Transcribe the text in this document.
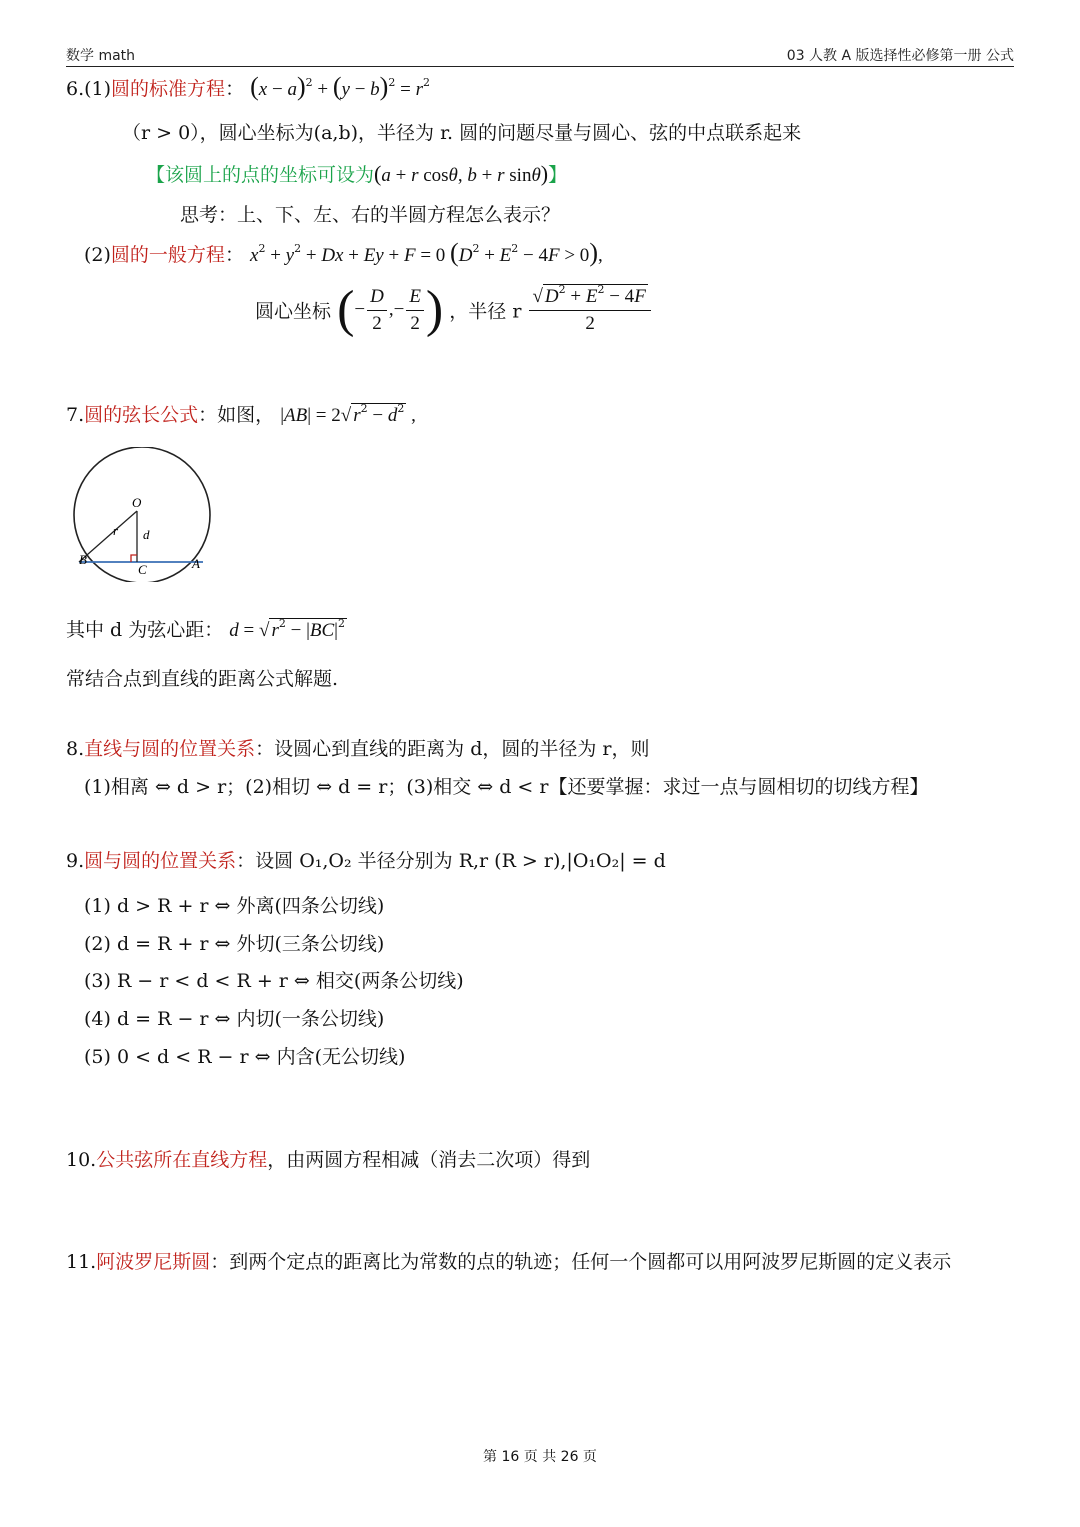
数学 math	03 人教 A 版选择性必修第一册 公式
6.(1)圆的标准方程： $(x - a)^2 + (y - b)^2 = r^2$
（r > 0），圆心坐标为(a,b)，半径为 r. 圆的问题尽量与圆心、弦的中点联系起来
【该圆上的点的坐标可设为(a + r cosθ, b + r sinθ)】
思考：上、下、左、右的半圆方程怎么表示？
(2)圆的一般方程： $x^2 + y^2 + Dx + Ey + F = 0$ $(D^2 + E^2 - 4F > 0)$,
圆心坐标 (− $\frac{D}{2}$ ,− $\frac{E}{2}$ ) ，半径 r $\frac{√ D^2 + E^2 - 4F}{2}$
7.圆的弦长公式：如图， |AB| = 2√ $r^2 - d^2$ ,
O
r d
B
C	A
其中 d 为弦心距： d = √ $r^2 - |BC|^2$
常结合点到直线的距离公式解题.
8.直线与圆的位置关系：设圆心到直线的距离为 d，圆的半径为 r，则
(1)相离 ⇔ d > r；(2)相切 ⇔ d = r；(3)相交 ⇔ d < r【还要掌握：求过一点与圆相切的切线方程】
9.圆与圆的位置关系：设圆 O₁,O₂ 半径分别为 R,r (R > r),|O₁O₂| = d
(1) d > R + r ⇔ 外离(四条公切线)
(2) d = R + r ⇔ 外切(三条公切线)
(3) R − r < d < R + r ⇔ 相交(两条公切线)
(4) d = R − r ⇔ 内切(一条公切线)
(5) 0 < d < R − r ⇔ 内含(无公切线)
10.公共弦所在直线方程，由两圆方程相减（消去二次项）得到
11.阿波罗尼斯圆：到两个定点的距离比为常数的点的轨迹；任何一个圆都可以用阿波罗尼斯圆的定义表示
第 16 页 共 26 页
